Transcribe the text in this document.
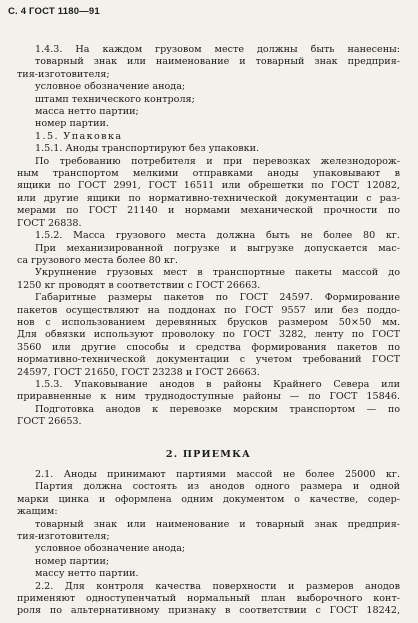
С. 4 ГОСТ 1180—91
1.4.3. На каждом грузовом месте должны быть нанесены:
товарный знак или наименование и товарный знак предприя-
тия-изготовителя;
условное обозначение анода;
штамп технического контроля;
масса нетто партии;
номер партии.
1.5. Упаковка
1.5.1. Аноды транспортируют без упаковки.
По требованию потребителя и при перевозках железнодорож-
ным транспортом мелкими отправками аноды упаковывают в
ящики по ГОСТ 2991, ГОСТ 16511 или обрешетки по ГОСТ 12082,
или другие ящики по нормативно-технической документации с раз-
мерами по ГОСТ 21140 и нормами механической прочности по
ГОСТ 26838.
1.5.2. Масса грузового места должна быть не более 80 кг.
При механизированной погрузке и выгрузке допускается мас-
са грузового места более 80 кг.
Укрупнение грузовых мест в транспортные пакеты массой до
1250 кг проводят в соответствии с ГОСТ 26663.
Габаритные размеры пакетов по ГОСТ 24597. Формирование
пакетов осуществляют на поддонах по ГОСТ 9557 или без поддо-
нов с использованием деревянных брусков размером 50×50 мм.
Для обвязки используют проволоку по ГОСТ 3282, ленту по ГОСТ
3560 или другие способы и средства формирования пакетов по
нормативно-технической документации с учетом требований ГОСТ
24597, ГОСТ 21650, ГОСТ 23238 и ГОСТ 26663.
1.5.3. Упаковывание анодов в районы Крайнего Севера или
приравненные к ним труднодоступные районы — по ГОСТ 15846.
Подготовка анодов к перевозке морским транспортом — по
ГОСТ 26653.
2. ПРИЕМКА
2.1. Аноды принимают партиями массой не более 25000 кг.
Партия должна состоять из анодов одного размера и одной
марки цинка и оформлена одним документом о качестве, содер-
жащим:
товарный знак или наименование и товарный знак предприя-
тия-изготовителя;
условное обозначение анода;
номер партии;
массу нетто партии.
2.2. Для контроля качества поверхности и размеров анодов
применяют одноступенчатый нормальный план выборочного конт-
роля по альтернативному признаку в соответствии с ГОСТ 18242,
